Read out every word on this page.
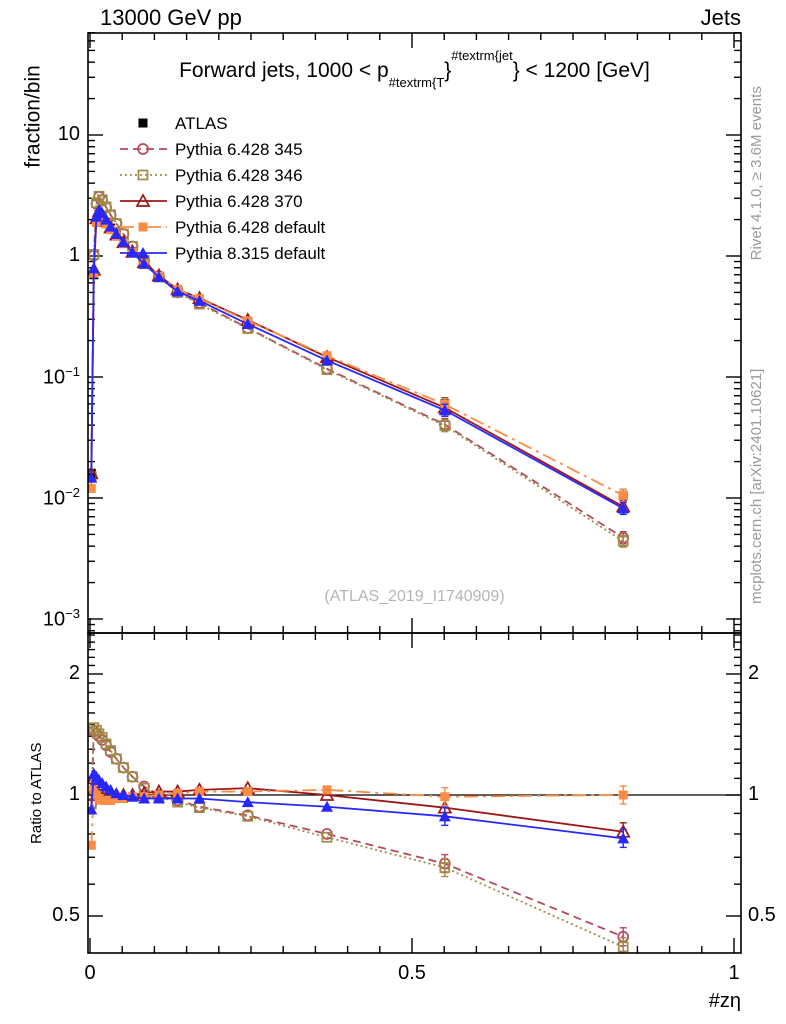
ATLAS
Pythia 6.428 345
Pythia 6.428 346
Pythia 6.428 370
Pythia 6.428 default
Pythia 8.315 default
13000 GeV pp	Jets
Forward jets, $1000 < p_{\#textrm\{T}\}^{\#textrm\{jet}\} < 1200$ [GeV]
fraction/bin
Ratio to ATLAS
Rivet 4.1.0, ≥ 3.6M events
mcplots.cern.ch [arXiv:2401.10621]
(ATLAS_2019_I1740909)
#zη
10
1
$10^{-1}$
$10^{-2}$
$10^{-3}$
2	2
1	1
0.5	0.5
0	0.5	1
